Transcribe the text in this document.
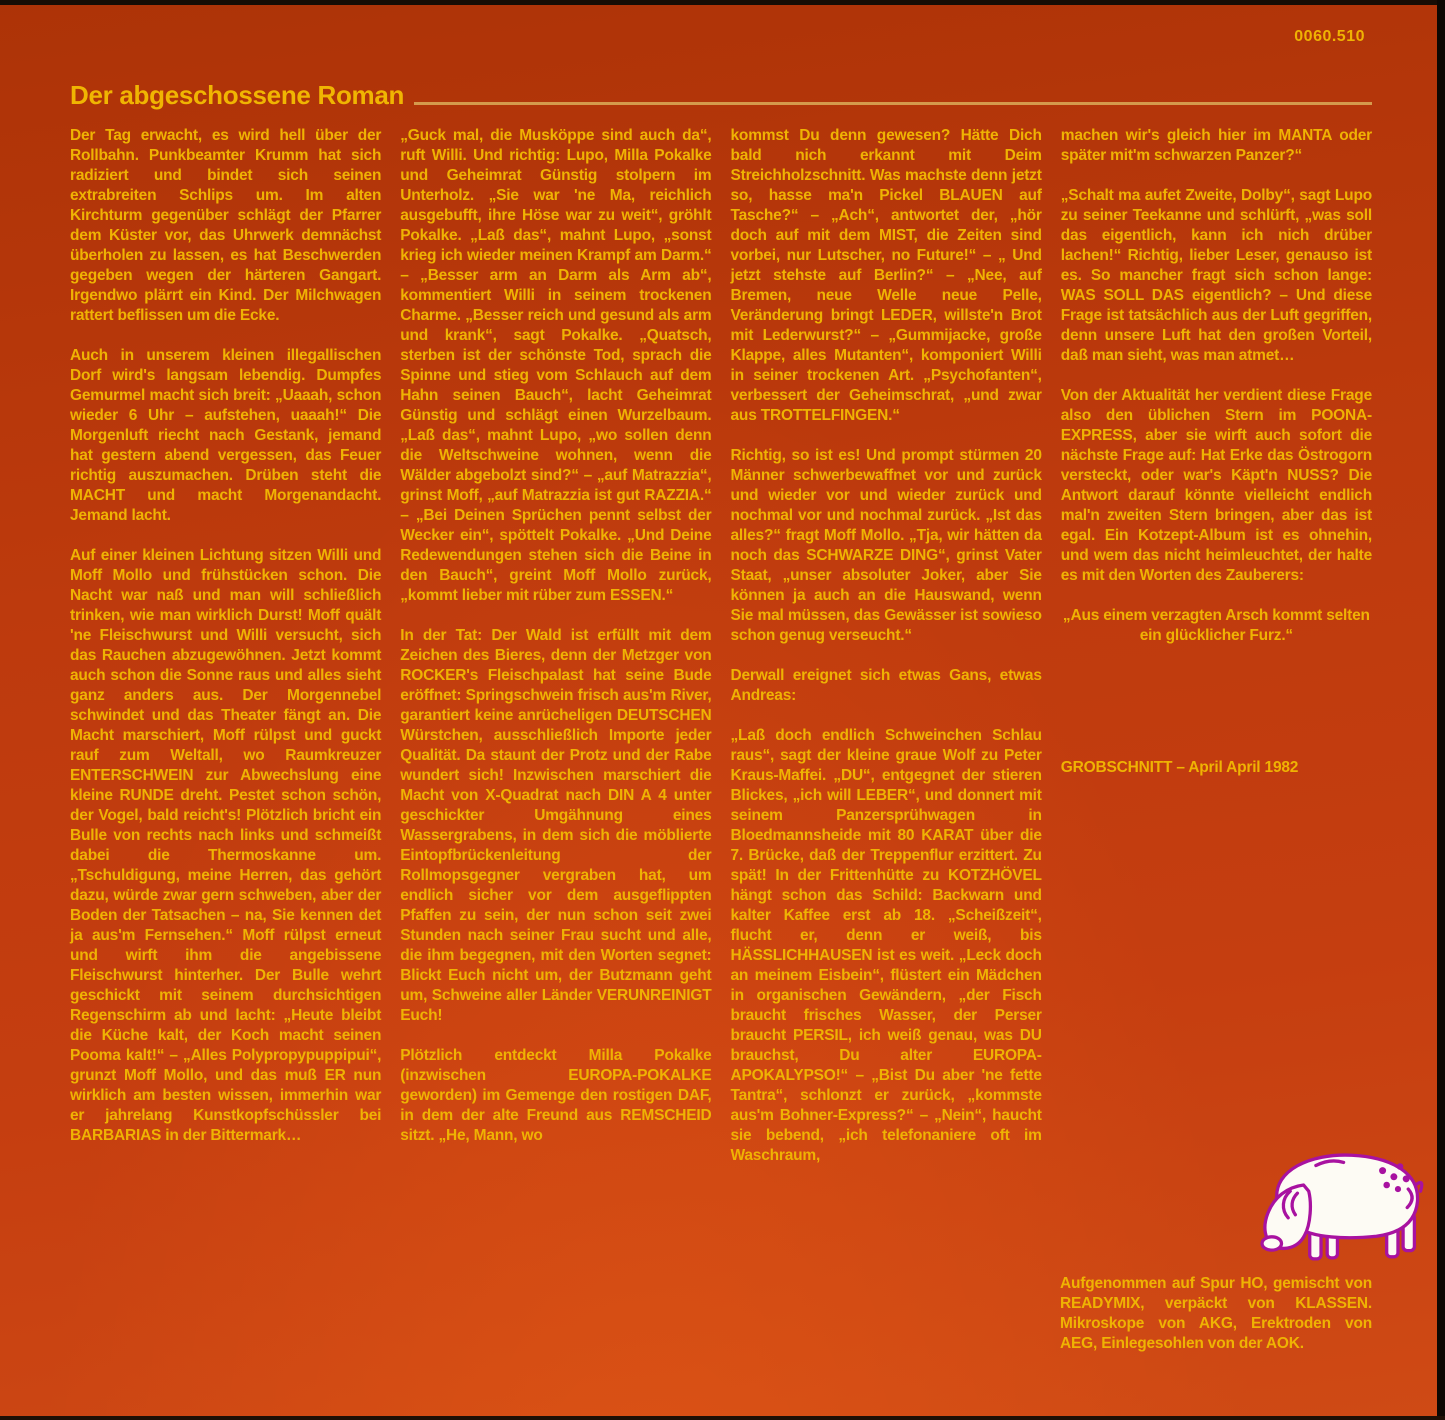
0060.510
Der abgeschossene Roman

Der Tag erwacht, es wird hell über der Rollbahn. Punkbeamter Krumm hat sich radiziert und bindet sich seinen extrabreiten Schlips um. Im alten Kirchturm gegenüber schlägt der Pfarrer dem Küster vor, das Uhrwerk demnächst überholen zu lassen, es hat Beschwerden gegeben wegen der härteren Gangart. Irgendwo plärrt ein Kind. Der Milchwagen rattert beflissen um die Ecke.

Auch in unserem kleinen illegallischen Dorf wird's langsam lebendig. Dumpfes Gemurmel macht sich breit: „Uaaah, schon wieder 6 Uhr – aufstehen, uaaah!“ Die Morgenluft riecht nach Gestank, jemand hat gestern abend vergessen, das Feuer richtig auszumachen. Drüben steht die MACHT und macht Morgenandacht. Jemand lacht.

Auf einer kleinen Lichtung sitzen Willi und Moff Mollo und frühstücken schon. Die Nacht war naß und man will schließlich trinken, wie man wirklich Durst! Moff quält 'ne Fleischwurst und Willi versucht, sich das Rauchen abzugewöhnen. Jetzt kommt auch schon die Sonne raus und alles sieht ganz anders aus. Der Morgennebel schwindet und das Theater fängt an. Die Macht marschiert, Moff rülpst und guckt rauf zum Weltall, wo Raumkreuzer ENTERSCHWEIN zur Abwechslung eine kleine RUNDE dreht. Pestet schon schön, der Vogel, bald reicht's! Plötzlich bricht ein Bulle von rechts nach links und schmeißt dabei die Thermoskanne um. „Tschuldigung, meine Herren, das gehört dazu, würde zwar gern schweben, aber der Boden der Tatsachen – na, Sie kennen det ja aus'm Fernsehen.“ Moff rülpst erneut und wirft ihm die angebissene Fleischwurst hinterher. Der Bulle wehrt geschickt mit seinem durchsichtigen Regenschirm ab und lacht: „Heute bleibt die Küche kalt, der Koch macht seinen Pooma kalt!“ – „Alles Polypropypuppipui“, grunzt Moff Mollo, und das muß ER nun wirklich am besten wissen, immerhin war er jahrelang Kunstkopfschüssler bei BARBARIAS in der Bittermark…

„Guck mal, die Musköppe sind auch da“, ruft Willi. Und richtig: Lupo, Milla Pokalke und Geheimrat Günstig stolpern im Unterholz. „Sie war 'ne Ma, reichlich ausgebufft, ihre Höse war zu weit“, gröhlt Pokalke. „Laß das“, mahnt Lupo, „sonst krieg ich wieder meinen Krampf am Darm.“ – „Besser arm an Darm als Arm ab“, kommentiert Willi in seinem trockenen Charme. „Besser reich und gesund als arm und krank“, sagt Pokalke. „Quatsch, sterben ist der schönste Tod, sprach die Spinne und stieg vom Schlauch auf dem Hahn seinen Bauch“, lacht Geheimrat Günstig und schlägt einen Wurzelbaum. „Laß das“, mahnt Lupo, „wo sollen denn die Weltschweine wohnen, wenn die Wälder abgebolzt sind?“ – „auf Matrazzia“, grinst Moff, „auf Matrazzia ist gut RAZZIA.“ – „Bei Deinen Sprüchen pennt selbst der Wecker ein“, spöttelt Pokalke. „Und Deine Redewendungen stehen sich die Beine in den Bauch“, greint Moff Mollo zurück, „kommt lieber mit rüber zum ESSEN.“

In der Tat: Der Wald ist erfüllt mit dem Zeichen des Bieres, denn der Metzger von ROCKER's Fleischpalast hat seine Bude eröffnet: Springschwein frisch aus'm River, garantiert keine anrücheligen DEUTSCHEN Würstchen, ausschließlich Importe jeder Qualität. Da staunt der Protz und der Rabe wundert sich! Inzwischen marschiert die Macht von X-Quadrat nach DIN A 4 unter geschickter Umgähnung eines Wassergrabens, in dem sich die möblierte Eintopfbrückenleitung der Rollmopsgegner vergraben hat, um endlich sicher vor dem ausgeflippten Pfaffen zu sein, der nun schon seit zwei Stunden nach seiner Frau sucht und alle, die ihm begegnen, mit den Worten segnet: Blickt Euch nicht um, der Butzmann geht um, Schweine aller Länder VERUNREINIGT Euch!

Plötzlich entdeckt Milla Pokalke (inzwischen EUROPA-POKALKE geworden) im Gemenge den rostigen DAF, in dem der alte Freund aus REMSCHEID sitzt. „He, Mann, wo

kommst Du denn gewesen? Hätte Dich bald nich erkannt mit Deim Streichholzschnitt. Was machste denn jetzt so, hasse ma'n Pickel BLAUEN auf Tasche?“ – „Ach“, antwortet der, „hör doch auf mit dem MIST, die Zeiten sind vorbei, nur Lutscher, no Future!“ – „ Und jetzt stehste auf Berlin?“ – „Nee, auf Bremen, neue Welle neue Pelle, Veränderung bringt LEDER, willste'n Brot mit Lederwurst?“ – „Gummijacke, große Klappe, alles Mutanten“, komponiert Willi in seiner trockenen Art. „Psychofanten“, verbessert der Geheimschrat, „und zwar aus TROTTELFINGEN.“

Richtig, so ist es! Und prompt stürmen 20 Männer schwerbewaffnet vor und zurück und wieder vor und wieder zurück und nochmal vor und nochmal zurück. „Ist das alles?“ fragt Moff Mollo. „Tja, wir hätten da noch das SCHWARZE DING“, grinst Vater Staat, „unser absoluter Joker, aber Sie können ja auch an die Hauswand, wenn Sie mal müssen, das Gewässer ist sowieso schon genug verseucht.“

Derwall ereignet sich etwas Gans, etwas Andreas:

„Laß doch endlich Schweinchen Schlau raus“, sagt der kleine graue Wolf zu Peter Kraus-Maffei. „DU“, entgegnet der stieren Blickes, „ich will LEBER“, und donnert mit seinem Panzersprühwagen in Bloedmannsheide mit 80 KARAT über die 7. Brücke, daß der Treppenflur erzittert. Zu spät! In der Frittenhütte zu KOTZHÖVEL hängt schon das Schild: Backwarn und kalter Kaffee erst ab 18. „Scheißzeit“, flucht er, denn er weiß, bis HÄSSLICHHAUSEN ist es weit. „Leck doch an meinem Eisbein“, flüstert ein Mädchen in organischen Gewändern, „der Fisch braucht frisches Wasser, der Perser braucht PERSIL, ich weiß genau, was DU brauchst, Du alter EUROPA-APOKALYPSO!“ – „Bist Du aber 'ne fette Tantra“, schlonzt er zurück, „kommste aus'm Bohner-Express?“ – „Nein“, haucht sie bebend, „ich telefonaniere oft im Waschraum,

machen wir's gleich hier im MANTA oder später mit'm schwarzen Panzer?“

„Schalt ma aufet Zweite, Dolby“, sagt Lupo zu seiner Teekanne und schlürft, „was soll das eigentlich, kann ich nich drüber lachen!“ Richtig, lieber Leser, genauso ist es. So mancher fragt sich schon lange: WAS SOLL DAS eigentlich? – Und diese Frage ist tatsächlich aus der Luft gegriffen, denn unsere Luft hat den großen Vorteil, daß man sieht, was man atmet…

Von der Aktualität her verdient diese Frage also den üblichen Stern im POONA-EXPRESS, aber sie wirft auch sofort die nächste Frage auf: Hat Erke das Östrogorn versteckt, oder war's Käpt'n NUSS? Die Antwort darauf könnte vielleicht endlich mal'n zweiten Stern bringen, aber das ist egal. Ein Kotzept-Album ist es ohnehin, und wem das nicht heimleuchtet, der halte es mit den Worten des Zauberers:

„Aus einem verzagten Arsch kommt selten ein glücklicher Furz.“

GROBSCHNITT – April April 1982

Aufgenommen auf Spur HO, gemischt von READYMIX, verpäckt von KLASSEN. Mikroskope von AKG, Erektroden von AEG, Einlegesohlen von der AOK.
